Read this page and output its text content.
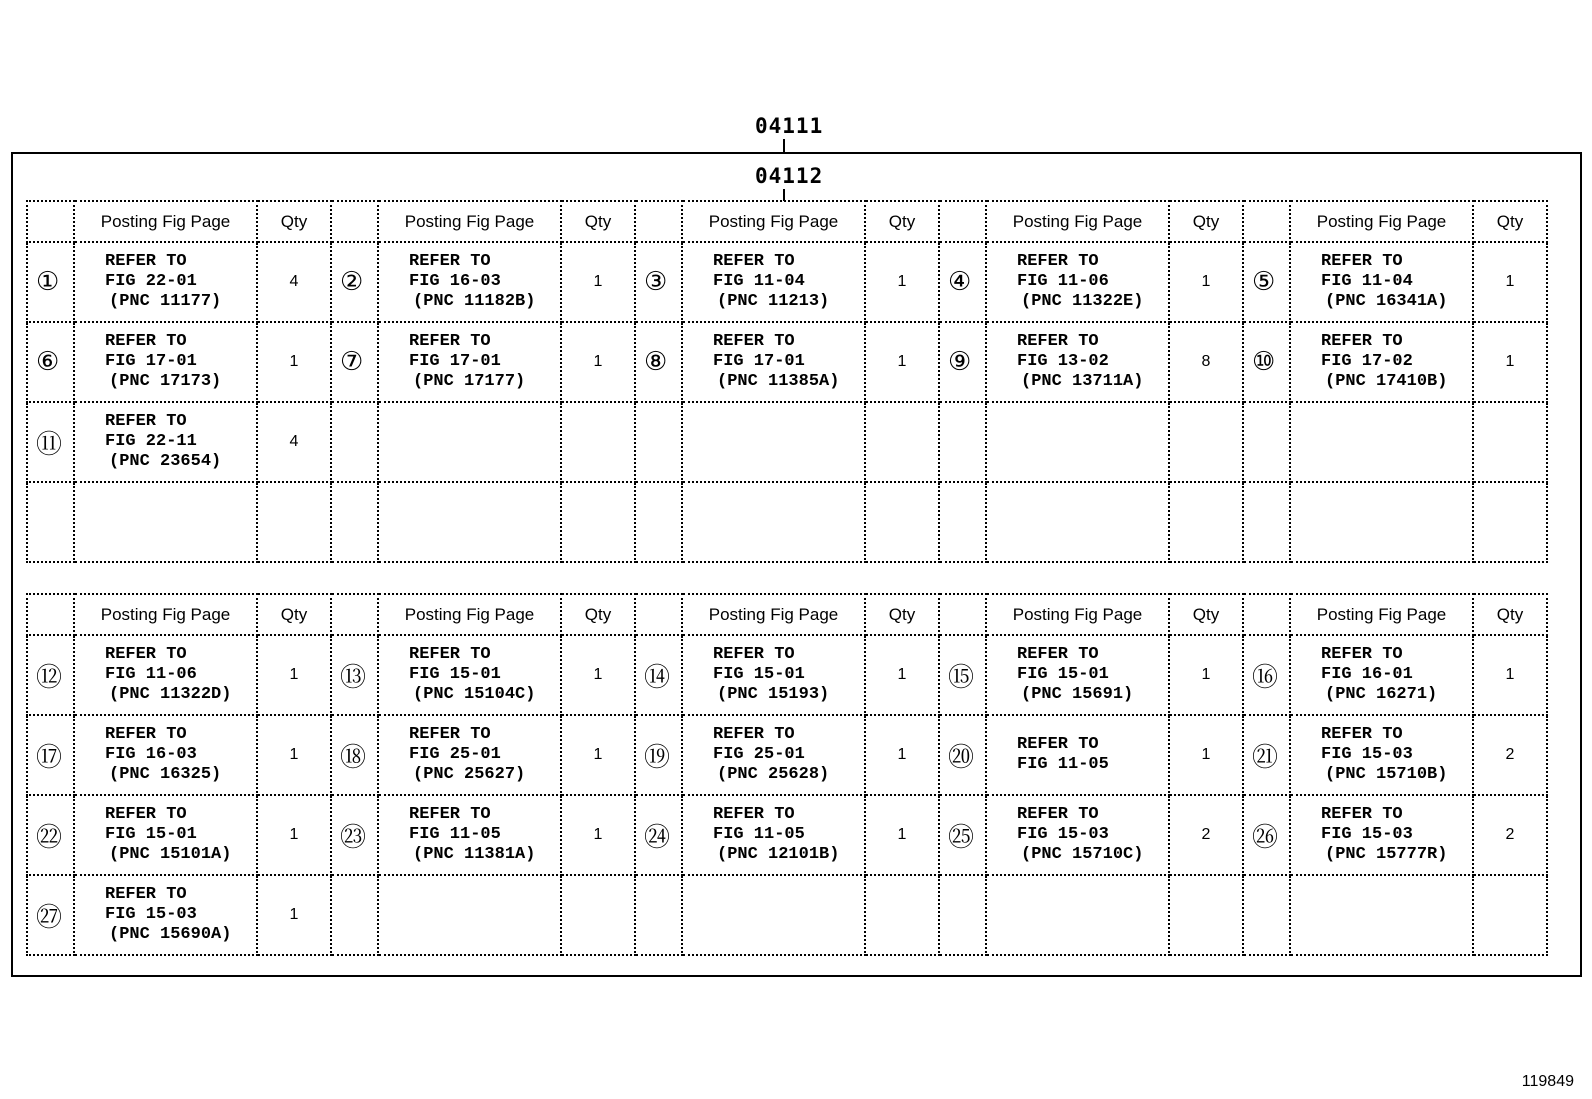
04111
04112
	Posting Fig Page	Qty		Posting Fig Page	Qty		Posting Fig Page	Qty		Posting Fig Page	Qty		Posting Fig Page	Qty
①	REFER TO
FIG 22-01
(PNC 11177)	4	②	REFER TO
FIG 16-03
(PNC 11182B)	1	③	REFER TO
FIG 11-04
(PNC 11213)	1	④	REFER TO
FIG 11-06
(PNC 11322E)	1	⑤	REFER TO
FIG 11-04
(PNC 16341A)	1
⑥	REFER TO
FIG 17-01
(PNC 17173)	1	⑦	REFER TO
FIG 17-01
(PNC 17177)	1	⑧	REFER TO
FIG 17-01
(PNC 11385A)	1	⑨	REFER TO
FIG 13-02
(PNC 13711A)	8	⑩	REFER TO
FIG 17-02
(PNC 17410B)	1
⑪	REFER TO
FIG 22-11
(PNC 23654)	4												

	Posting Fig Page	Qty		Posting Fig Page	Qty		Posting Fig Page	Qty		Posting Fig Page	Qty		Posting Fig Page	Qty
⑫	REFER TO
FIG 11-06
(PNC 11322D)	1	⑬	REFER TO
FIG 15-01
(PNC 15104C)	1	⑭	REFER TO
FIG 15-01
(PNC 15193)	1	⑮	REFER TO
FIG 15-01
(PNC 15691)	1	⑯	REFER TO
FIG 16-01
(PNC 16271)	1
⑰	REFER TO
FIG 16-03
(PNC 16325)	1	⑱	REFER TO
FIG 25-01
(PNC 25627)	1	⑲	REFER TO
FIG 25-01
(PNC 25628)	1	⑳	REFER TO
FIG 11-05	1	㉑	REFER TO
FIG 15-03
(PNC 15710B)	2
㉒	REFER TO
FIG 15-01
(PNC 15101A)	1	㉓	REFER TO
FIG 11-05
(PNC 11381A)	1	㉔	REFER TO
FIG 11-05
(PNC 12101B)	1	㉕	REFER TO
FIG 15-03
(PNC 15710C)	2	㉖	REFER TO
FIG 15-03
(PNC 15777R)	2
㉗	REFER TO
FIG 15-03
(PNC 15690A)	1												
119849
